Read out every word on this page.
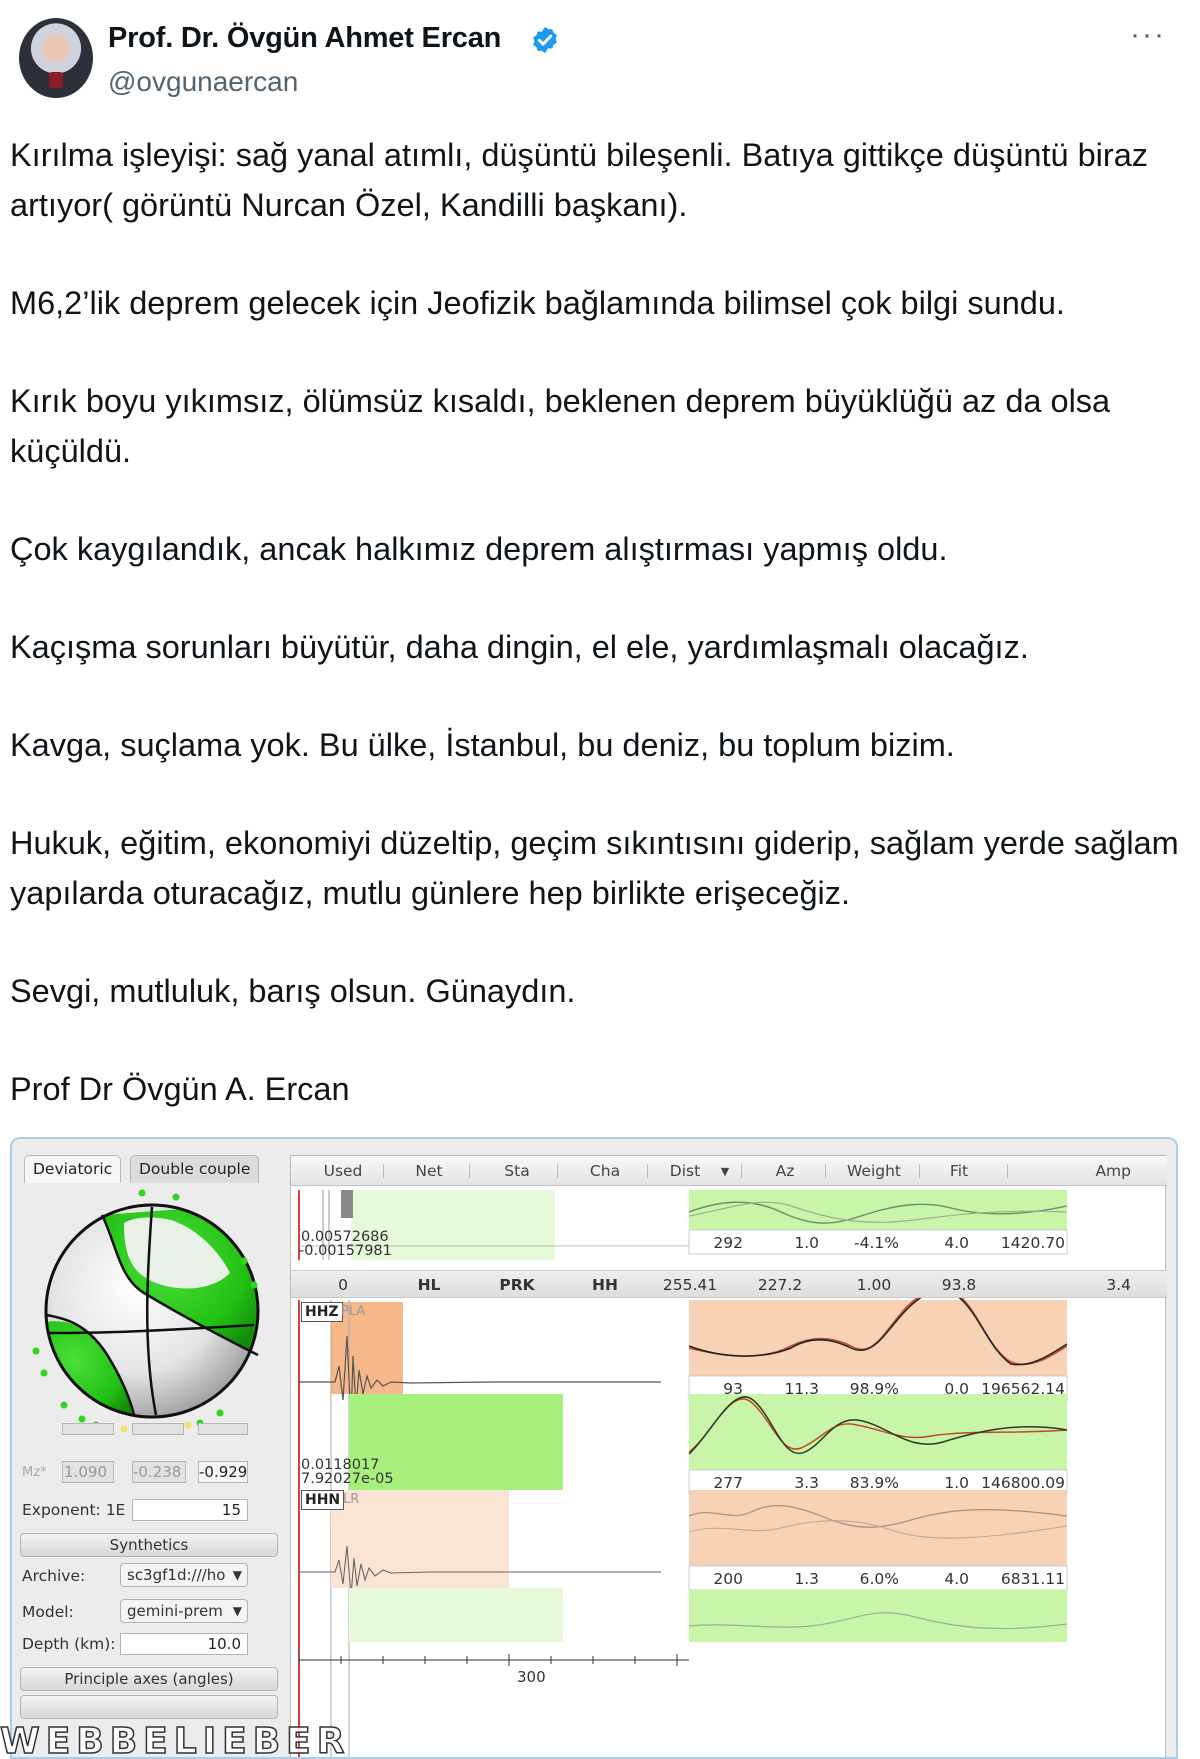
Prof. Dr. Övgün Ahmet Ercan
@ovgunaercan
···

Kırılma işleyişi: sağ yanal atımlı, düşüntü bileşenli. Batıya gittikçe düşüntü biraz artıyor( görüntü Nurcan Özel, Kandilli başkanı).

M6,2’lik deprem gelecek için Jeofizik bağlamında bilimsel çok bilgi sundu.

Kırık boyu yıkımsız, ölümsüz kısaldı, beklenen deprem büyüklüğü az da olsa küçüldü.

Çok kaygılandık, ancak halkımız deprem alıştırması yapmış oldu.

Kaçışma sorunları büyütür, daha dingin, el ele, yardımlaşmalı olacağız.

Kavga, suçlama yok. Bu ülke, İstanbul, bu deniz, bu toplum bizim.

Hukuk, eğitim, ekonomiyi düzeltip, geçim sıkıntısını giderip, sağlam yerde sağlam yapılarda oturacağız, mutlu günlere hep birlikte erişeceğiz.

Sevgi, mutluluk, barış olsun. Günaydın.

Prof Dr Övgün A. Ercan

Deviatoric	Double couple
Mz* 1.090	-0.238	-0.929
Exponent: 1E	15
Synthetics
Archive:	sc3gf1d:///ho ▼
Model:	gemini-prem ▼
Depth (km):	10.0
Principle axes (angles)
Used	Net	Sta	Cha	Dist	▼	Az	Weight	Fit	Amp
0	HL	PRK	HH	255.41	227.2	1.00	93.8	3.4
292	1.0	-4.1%	4.0	1420.70
93	11.3	98.9%	0.0 196562.14
277	3.3	83.9%	1.0 146800.09
200	1.3	6.0%	4.0	6831.11
0.00572686
-0.00157981
0.0118017
7.92027e-05
HHZ PLA
HHN LR
300
WEBBELIEBER
